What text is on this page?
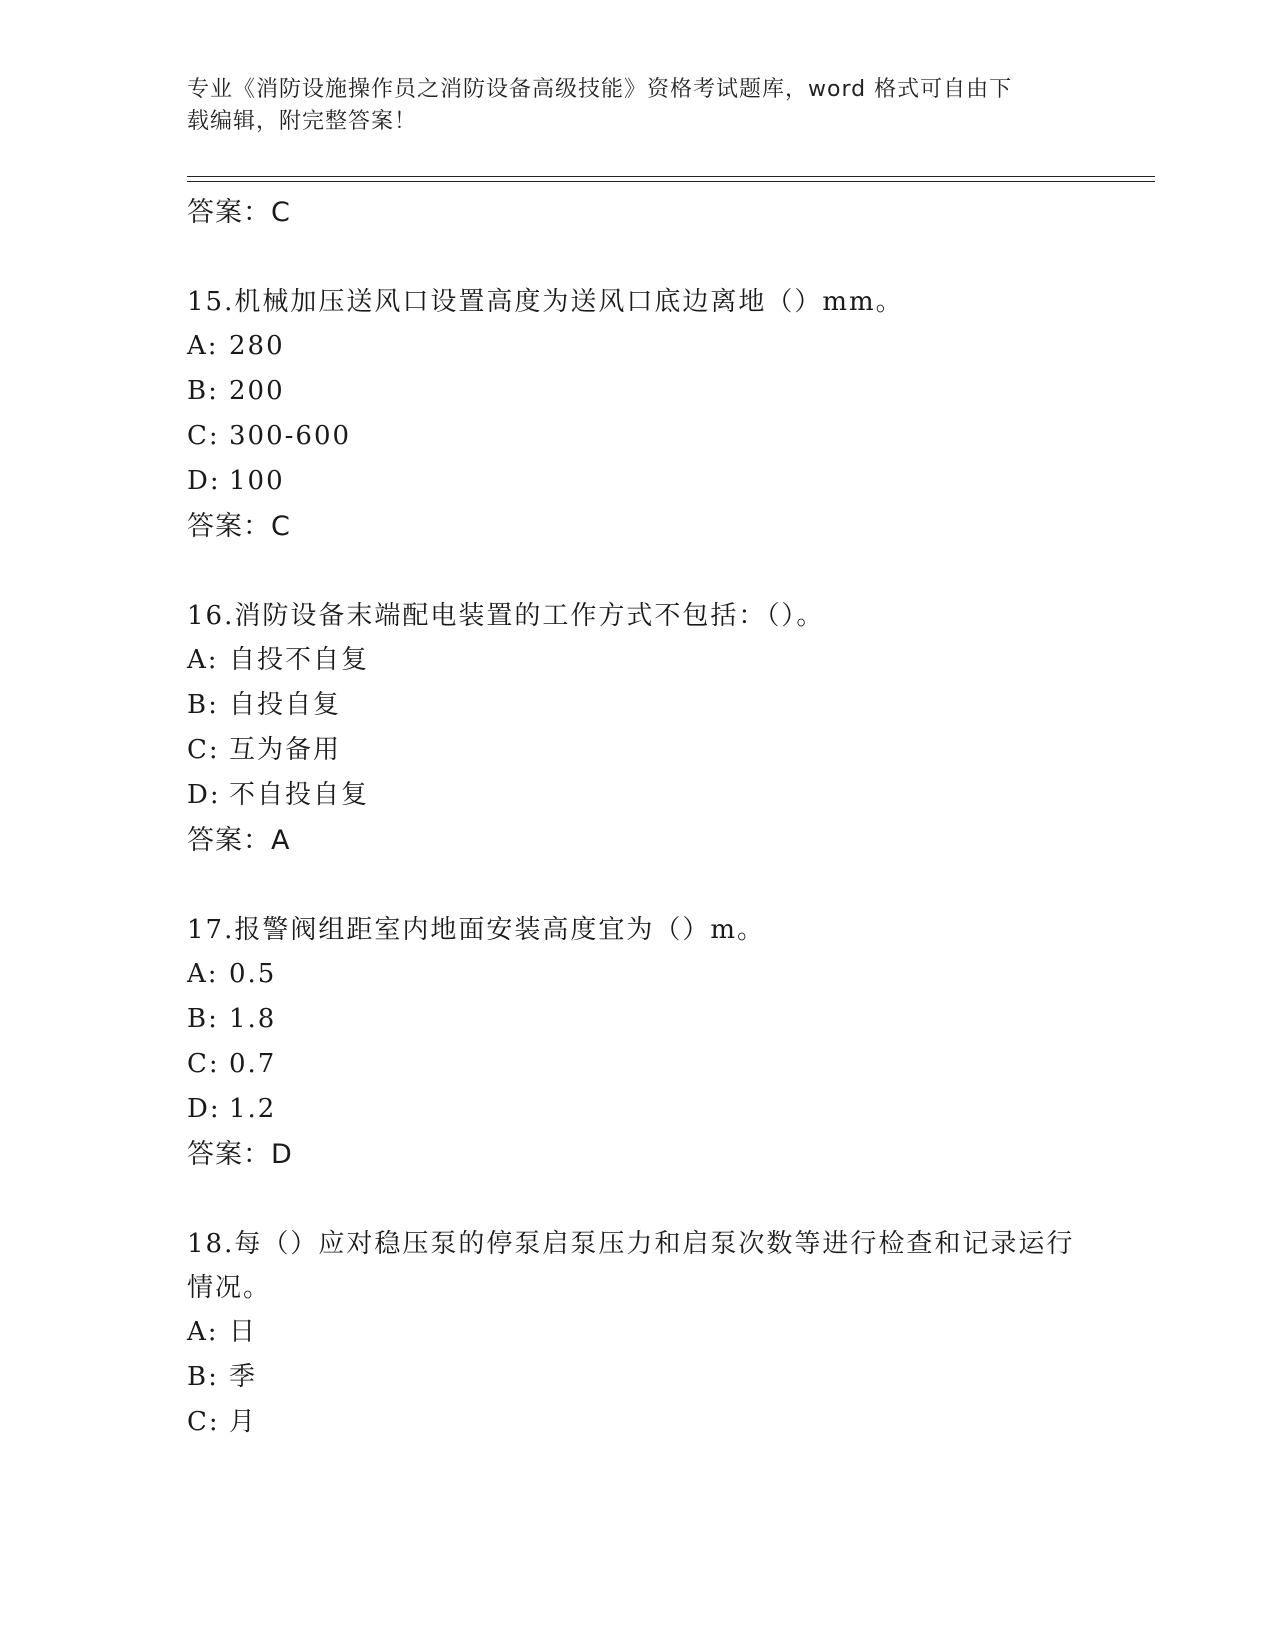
专业《消防设施操作员之消防设备高级技能》资格考试题库，word 格式可自由下
载编辑，附完整答案！
答案：C
15.机械加压送风口设置高度为送风口底边离地（）mm。
A: 280
B: 200
C: 300-600
D: 100
答案：C
16.消防设备末端配电装置的工作方式不包括：（）。
A: 自投不自复
B: 自投自复
C: 互为备用
D: 不自投自复
答案：A
17.报警阀组距室内地面安装高度宜为（）m。
A: 0.5
B: 1.8
C: 0.7
D: 1.2
答案：D
18.每（）应对稳压泵的停泵启泵压力和启泵次数等进行检查和记录运行情况。
A: 日
B: 季
C: 月
